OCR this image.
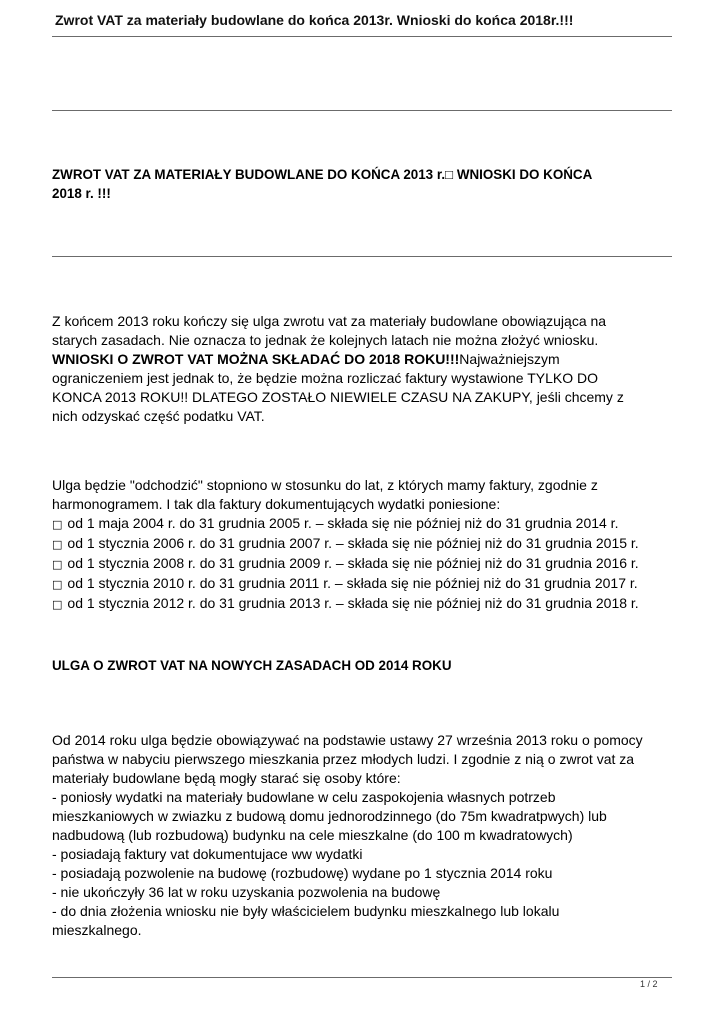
Zwrot VAT za materiały budowlane do końca 2013r. Wnioski do końca 2018r.!!!
ZWROT VAT ZA MATERIAŁY BUDOWLANE DO KOŃCA 2013 r.□ WNIOSKI DO KOŃCA
2018 r. !!!

Z końcem 2013 roku kończy się ulga zwrotu vat za materiały budowlane obowiązująca na
starych zasadach. Nie oznacza to jednak że kolejnych latach nie można złożyć wniosku.
WNIOSKI O ZWROT VAT MOŻNA SKŁADAĆ DO 2018 ROKU!!!Najważniejszym
ograniczeniem jest jednak to, że będzie można rozliczać faktury wystawione TYLKO DO
KONCA 2013 ROKU!! DLATEGO ZOSTAŁO NIEWIELE CZASU NA ZAKUPY, jeśli chcemy z
nich odzyskać część podatku VAT.

Ulga będzie "odchodzić" stopniono w stosunku do lat, z których mamy faktury, zgodnie z
harmonogramem. I tak dla faktury dokumentujących wydatki poniesione:
□ od 1 maja 2004 r. do 31 grudnia 2005 r. – składa się nie później niż do 31 grudnia 2014 r.
□ od 1 stycznia 2006 r. do 31 grudnia 2007 r. – składa się nie później niż do 31 grudnia 2015 r.
□ od 1 stycznia 2008 r. do 31 grudnia 2009 r. – składa się nie później niż do 31 grudnia 2016 r.
□ od 1 stycznia 2010 r. do 31 grudnia 2011 r. – składa się nie później niż do 31 grudnia 2017 r.
□ od 1 stycznia 2012 r. do 31 grudnia 2013 r. – składa się nie później niż do 31 grudnia 2018 r.
ULGA O ZWROT VAT NA NOWYCH ZASADACH OD 2014 ROKU

Od 2014 roku ulga będzie obowiązywać na podstawie ustawy 27 września 2013 roku o pomocy
państwa w nabyciu pierwszego mieszkania przez młodych ludzi. I zgodnie z nią o zwrot vat za
materiały budowlane będą mogły starać się osoby które:
- poniosły wydatki na materiały budowlane w celu zaspokojenia własnych potrzeb
mieszkaniowych w zwiazku z budową domu jednorodzinnego (do 75m kwadratpwych) lub
nadbudową (lub rozbudową) budynku na cele mieszkalne (do 100 m kwadratowych)
- posiadają faktury vat dokumentujace ww wydatki
- posiadają pozwolenie na budowę (rozbudowę) wydane po 1 stycznia 2014 roku
- nie ukończyły 36 lat w roku uzyskania pozwolenia na budowę
- do dnia złożenia wniosku nie były właścicielem budynku mieszkalnego lub lokalu
mieszkalnego.

1 / 2
